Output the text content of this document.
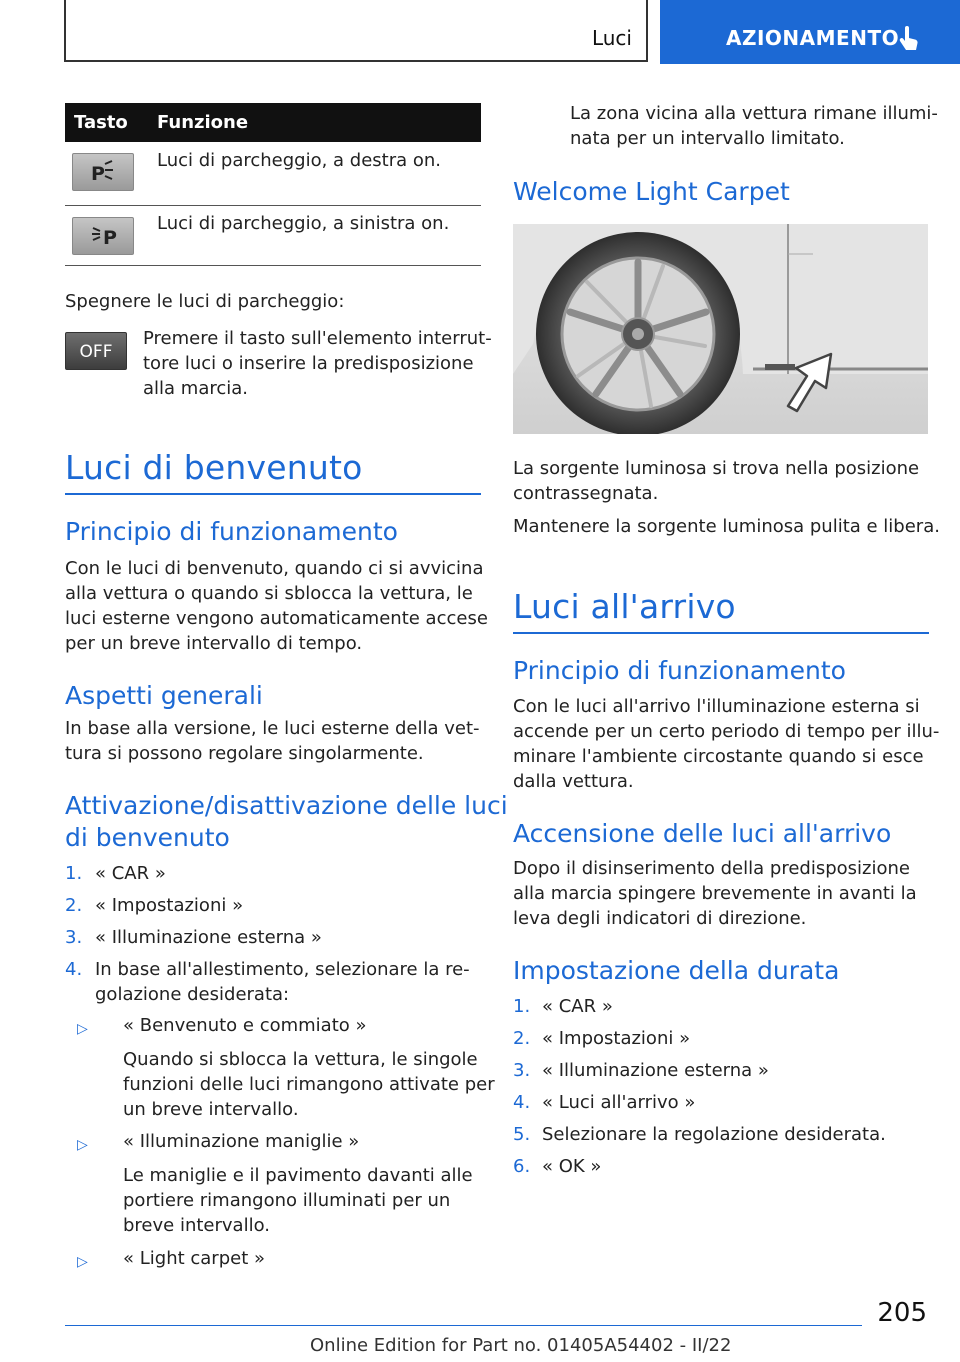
Luci	AZIONAMENTO
Tasto Funzione
P
Luci di parcheggio, a destra on.
P
Luci di parcheggio, a sinistra on.
Spegnere le luci di parcheggio:
OFF
Premere il tasto sull'elemento interrut-
tore luci o inserire la predisposizione
alla marcia.
Luci di benvenuto
Principio di funzionamento
Con le luci di benvenuto, quando ci si avvicina
alla vettura o quando si sblocca la vettura, le
luci esterne vengono automaticamente accese
per un breve intervallo di tempo.
Aspetti generali
In base alla versione, le luci esterne della vet-
tura si possono regolare singolarmente.
Attivazione/disattivazione delle luci
di benvenuto
1. « CAR »
2. « Impostazioni »
3. « Illuminazione esterna »
4. In base all'allestimento, selezionare la re-
golazione desiderata:
▷ « Benvenuto e commiato »
Quando si sblocca la vettura, le singole
funzioni delle luci rimangono attivate per
un breve intervallo.
▷ « Illuminazione maniglie »
Le maniglie e il pavimento davanti alle
portiere rimangono illuminati per un
breve intervallo.
▷ « Light carpet »
La zona vicina alla vettura rimane illumi-
nata per un intervallo limitato.
Welcome Light Carpet
La sorgente luminosa si trova nella posizione
contrassegnata.
Mantenere la sorgente luminosa pulita e libera.
Luci all'arrivo
Principio di funzionamento
Con le luci all'arrivo l'illuminazione esterna si
accende per un certo periodo di tempo per illu-
minare l'ambiente circostante quando si esce
dalla vettura.
Accensione delle luci all'arrivo
Dopo il disinserimento della predisposizione
alla marcia spingere brevemente in avanti la
leva degli indicatori di direzione.
Impostazione della durata
1. « CAR »
2. « Impostazioni »
3. « Illuminazione esterna »
4. « Luci all'arrivo »
5. Selezionare la regolazione desiderata.
6. « OK »
205
Online Edition for Part no. 01405A54402 - II/22
